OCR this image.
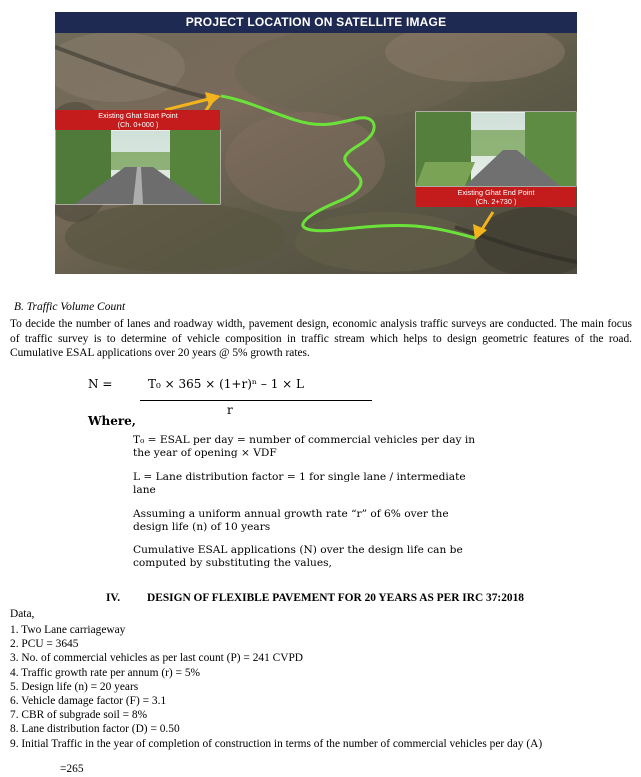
PROJECT LOCATION ON SATELLITE IMAGE
Existing Ghat Start Point
(Ch. 0+000 )
Existing Ghat End Point
(Ch. 2+730 )
B. Traffic Volume Count
To decide the number of lanes and roadway width, pavement design, economic analysis traffic surveys are conducted. The main focus of traffic survey is to determine of vehicle composition in traffic stream which helps to design geometric features of the road. Cumulative ESAL applications over 20 years @ 5% growth rates.
N =	T₀ × 365 × (1+r)ⁿ – 1 × L
r
Where,
T₀ = ESAL per day = number of commercial vehicles per day in the year of opening × VDF
L = Lane distribution factor = 1 for single lane / intermediate lane
Assuming a uniform annual growth rate “r” of 6% over the design life (n) of 10 years
Cumulative ESAL applications (N) over the design life can be computed by substituting the values,
IV. DESIGN OF FLEXIBLE PAVEMENT FOR 20 YEARS AS PER IRC 37:2018
Data,
1. Two Lane carriageway
2. PCU = 3645
3. No. of commercial vehicles as per last count (P) = 241 CVPD
4. Traffic growth rate per annum (r) = 5%
5. Design life (n) = 20 years
6. Vehicle damage factor (F) = 3.1
7. CBR of subgrade soil = 8%
8. Lane distribution factor (D) = 0.50
9. Initial Traffic in the year of completion of construction in terms of the number of commercial vehicles per day (A)
=265
